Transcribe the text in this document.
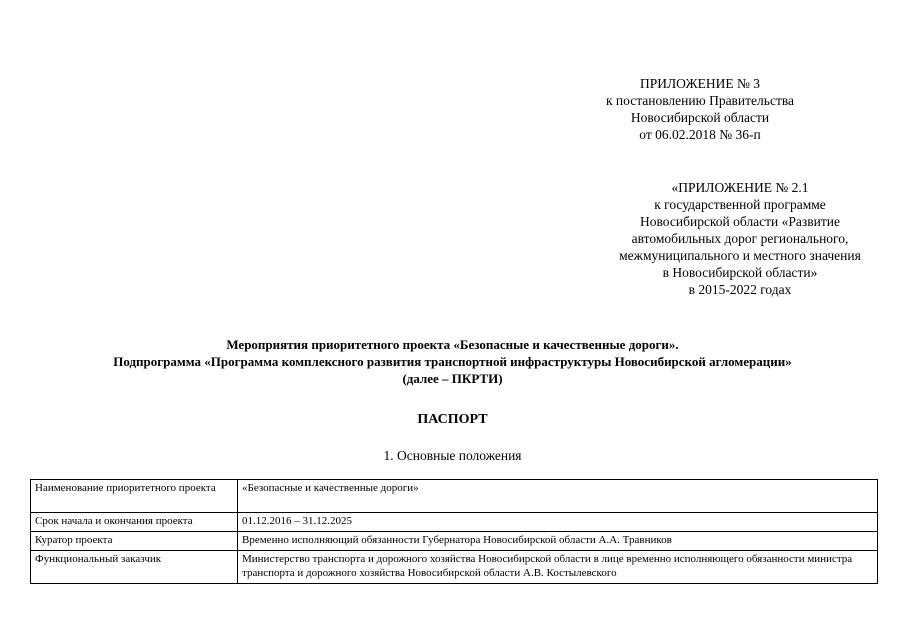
ПРИЛОЖЕНИЕ № 3
к постановлению Правительства
Новосибирской области
от 06.02.2018 № 36-п
«ПРИЛОЖЕНИЕ № 2.1
к государственной программе
Новосибирской области «Развитие
автомобильных дорог регионального,
межмуниципального и местного значения
в Новосибирской области»
в 2015-2022 годах
Мероприятия приоритетного проекта «Безопасные и качественные дороги».
Подпрограмма «Программа комплексного развития транспортной инфраструктуры Новосибирской агломерации»
(далее – ПКРТИ)
ПАСПОРТ
1. Основные положения
Наименование приоритетного проекта	«Безопасные и качественные дороги»
Срок начала и окончания проекта	01.12.2016 – 31.12.2025
Куратор проекта	Временно исполняющий обязанности Губернатора Новосибирской области А.А. Травников
Функциональный заказчик	Министерство транспорта и дорожного хозяйства Новосибирской области в лице временно исполняющего обязанности министра транспорта и дорожного хозяйства Новосибирской области А.В. Костылевского
